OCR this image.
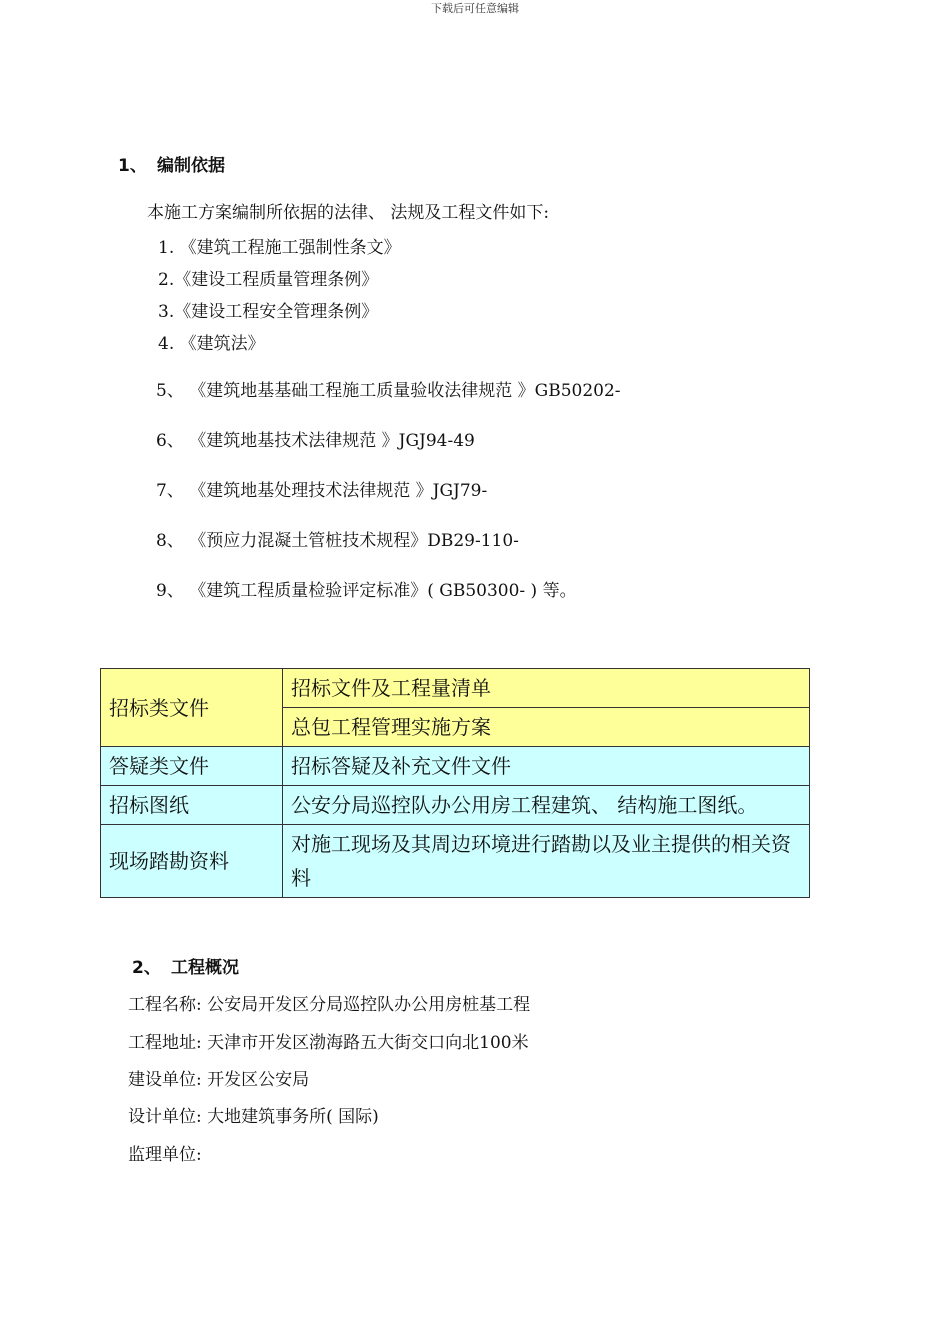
下载后可任意编辑
1、 编制依据
本施工方案编制所依据的法律、 法规及工程文件如下:
1. 《建筑工程施工强制性条文》
2.《建设工程质量管理条例》
3.《建设工程安全管理条例》
4. 《建筑法》
5、 《建筑地基基础工程施工质量验收法律规范 》GB50202-
6、 《建筑地基技术法律规范 》JGJ94-49
7、 《建筑地基处理技术法律规范 》JGJ79-
8、 《预应力混凝土管桩技术规程》DB29-110-
9、 《建筑工程质量检验评定标准》( GB50300- ) 等。
招标类文件	招标文件及工程量清单
	总包工程管理实施方案
答疑类文件	招标答疑及补充文件文件
招标图纸	公安分局巡控队办公用房工程建筑、 结构施工图纸。
现场踏勘资料	对施工现场及其周边环境进行踏勘以及业主提供的相关资料
2、 工程概况
工程名称: 公安局开发区分局巡控队办公用房桩基工程
工程地址: 天津市开发区渤海路五大街交口向北100米
建设单位: 开发区公安局
设计单位: 大地建筑事务所( 国际)
监理单位:
